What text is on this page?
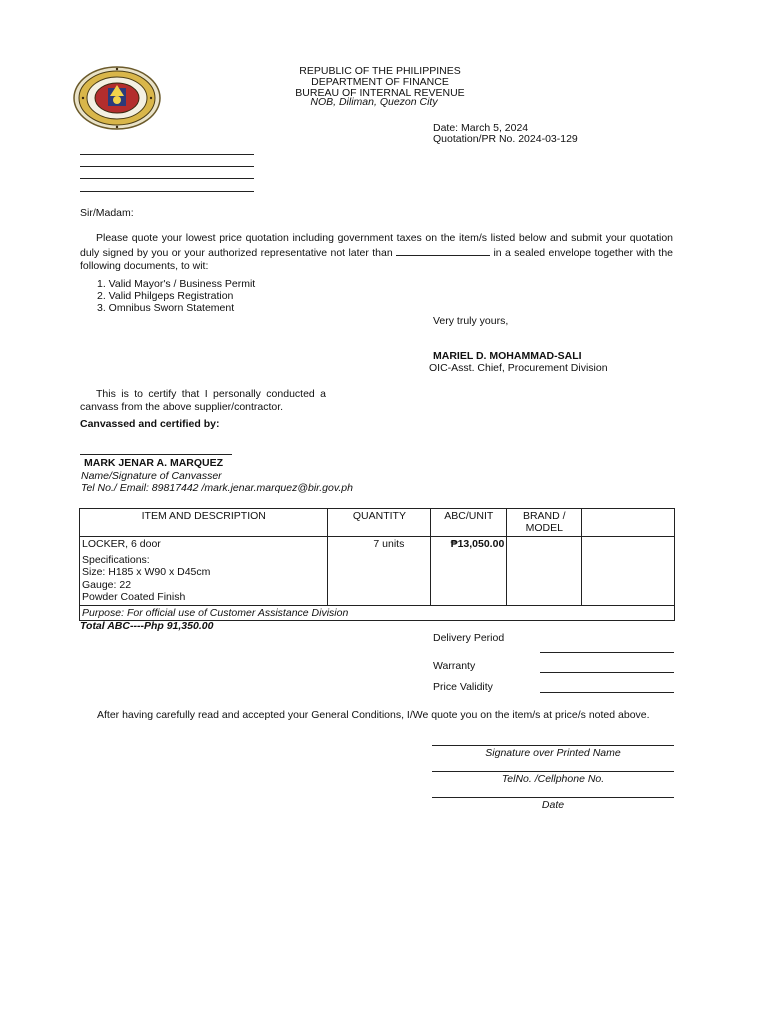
REPUBLIC OF THE PHILIPPINES
DEPARTMENT OF FINANCE
BUREAU OF INTERNAL REVENUE
NOB, Diliman, Quezon City
Date: March 5, 2024
Quotation/PR No. 2024-03-129
Sir/Madam:
Please quote your lowest price quotation including government taxes on the item/s listed below and submit your quotation duly signed by you or your authorized representative not later than	in a sealed envelope together with the following documents, to wit:
1. Valid Mayor's / Business Permit
2. Valid Philgeps Registration
3. Omnibus Sworn Statement
Very truly yours,
MARIEL D. MOHAMMAD-SALI
OIC-Asst. Chief, Procurement Division
This is to certify that I personally conducted a canvass from the above supplier/contractor.
Canvassed and certified by:
MARK JENAR A. MARQUEZ
Name/Signature of Canvasser
Tel No./ Email: 89817442 /mark.jenar.marquez@bir.gov.ph
ITEM AND DESCRIPTION	QUANTITY	ABC/UNIT	BRAND / MODEL	

LOCKER, 6 door
Specifications:
Size: H185 x W90 x D45cm
Gauge: 22
Powder Coated Finish	7 units	₱13,050.00		
Purpose: For official use of Customer Assistance Division				
Total ABC----Php 91,350.00
Delivery Period
Warranty
Price Validity
After having carefully read and accepted your General Conditions, I/We quote you on the item/s at price/s noted above.
Signature over Printed Name
TelNo. /Cellphone No.
Date
